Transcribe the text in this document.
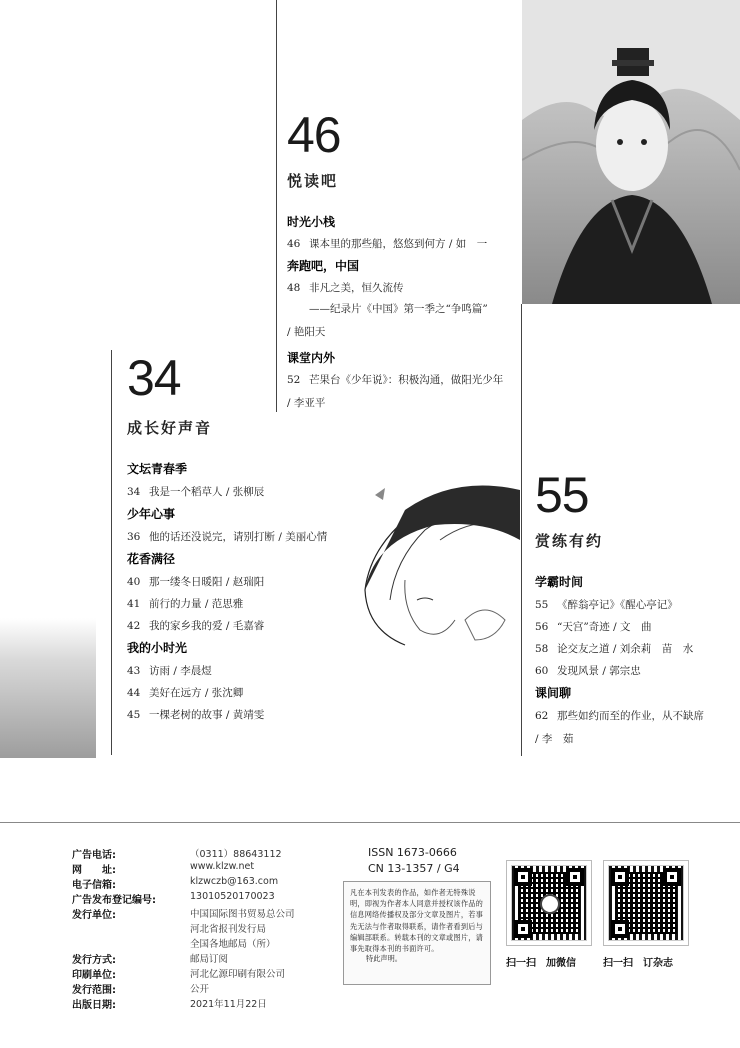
46
悦读吧
时光小栈
46 课本里的那些船，悠悠到何方 / 如　一
奔跑吧，中国
48 非凡之美，恒久流传
——纪录片《中国》第一季之“争鸣篇”
/ 艳阳天
课堂内外
52 芒果台《少年说》：积极沟通，做阳光少年
/ 李亚平
34
成长好声音
文坛青春季
34 我是一个稻草人 / 张柳辰
少年心事
36 他的话还没说完，请别打断 / 美丽心情
花香满径
40 那一缕冬日暖阳 / 赵瑞阳
41 前行的力量 / 范思雅
42 我的家乡我的爱 / 毛嘉睿
我的小时光
43 访雨 / 李晨煜
44 美好在远方 / 张沈卿
45 一棵老树的故事 / 黄靖雯
55
赏练有约
学霸时间
55 《醉翁亭记》《醒心亭记》
56 “天宫”奇迹 / 文　曲
58 论交友之道 / 刘余莉　苗　水
60 发现风景 / 郭宗忠
课间聊
62 那些如约而至的作业，从不缺席
/ 李　茹
广告电话:
网　　址:
电子信箱:
广告发布登记编号:
发行单位:
发行方式:
印刷单位:
发行范围:
出版日期:
（0311）88643112
www.klzw.net
klzwczb@163.com
13010520170023
中国国际图书贸易总公司
河北省报刊发行局
全国各地邮局（所）
邮局订阅
河北亿源印刷有限公司
公开
2021年11月22日
ISSN 1673-0666
CN 13-1357 / G4
凡在本刊发表的作品，如作者无特殊说明，即视为作者本人同意并授权该作品的信息网络传播权及部分文章及图片，若事先无法与作者取得联系，请作者看到后与编辑部联系。转载本刊的文章或图片，请事先取得本刊的书面许可。
特此声明。	扫一扫　加微信	扫一扫　订杂志
